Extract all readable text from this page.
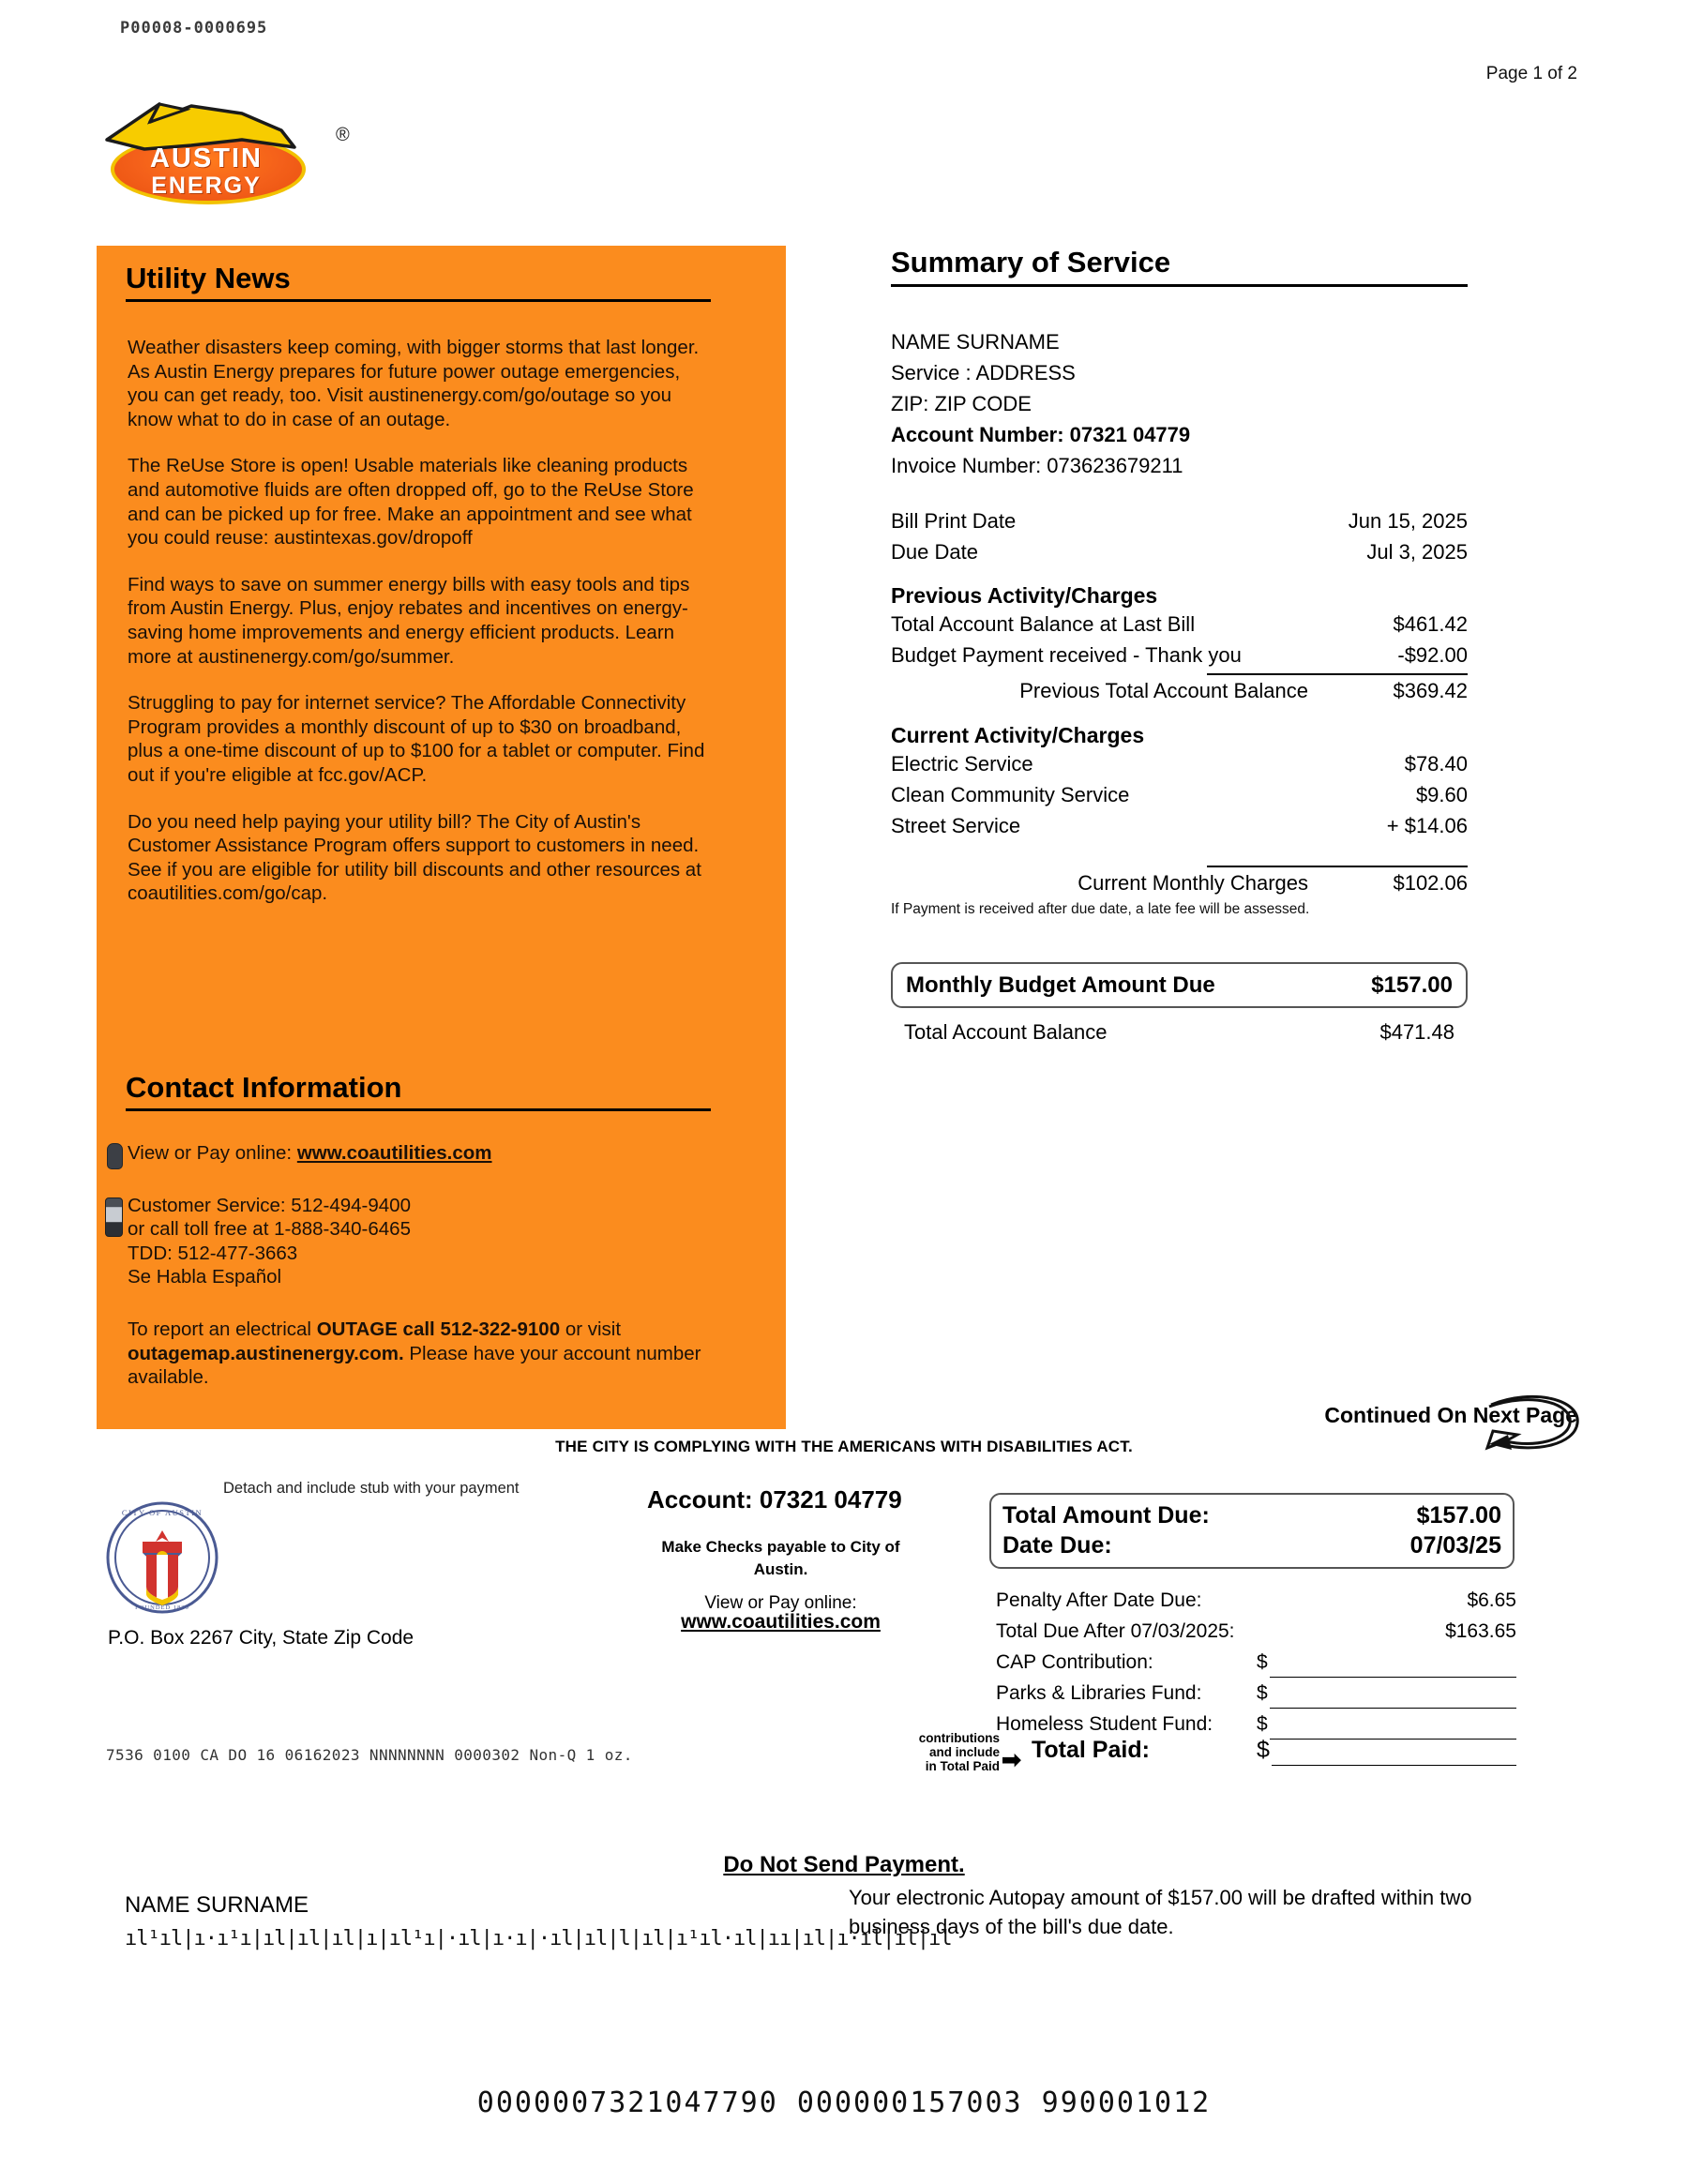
P00008-0000695
Page 1 of 2
AUSTIN
ENERGY
®
Utility News

Weather disasters keep coming, with bigger storms that last longer. As Austin Energy prepares for future power outage emergencies, you can get ready, too. Visit austinenergy.com/go/outage so you know what to do in case of an outage.

The ReUse Store is open! Usable materials like cleaning products and automotive fluids are often dropped off, go to the ReUse Store and can be picked up for free. Make an appointment and see what you could reuse: austintexas.gov/dropoff

Find ways to save on summer energy bills with easy tools and tips from Austin Energy. Plus, enjoy rebates and incentives on energy-saving home improvements and energy efficient products. Learn more at austinenergy.com/go/summer.

Struggling to pay for internet service? The Affordable Connectivity Program provides a monthly discount of up to $30 on broadband, plus a one-time discount of up to $100 for a tablet or computer. Find out if you're eligible at fcc.gov/ACP.

Do you need help paying your utility bill? The City of Austin's Customer Assistance Program offers support to customers in need. See if you are eligible for utility bill discounts and other resources at coautilities.com/go/cap.

Contact Information

View or Pay online: www.coautilities.com

Customer Service: 512-494-9400
or call toll free at 1-888-340-6465
TDD: 512-477-3663
Se Habla Español

To report an electrical OUTAGE call 512-322-9100 or visit outagemap.austinenergy.com. Please have your account number available.

Summary of Service
NAME SURNAME
Service : ADDRESS
ZIP: ZIP CODE
Account Number: 07321 04779
Invoice Number: 073623679211
Bill Print Date	Jun 15, 2025
Due Date	Jul 3, 2025
Previous Activity/Charges
Total Account Balance at Last Bill	$461.42
Budget Payment received - Thank you	-$92.00
Previous Total Account Balance	$369.42
Current Activity/Charges
Electric Service	$78.40
Clean Community Service	$9.60
Street Service	+ $14.06
Current Monthly Charges	$102.06
If Payment is received after due date, a late fee will be assessed.
Monthly Budget Amount Due	$157.00
Total Account Balance	$471.48
Continued On Next Page
THE CITY IS COMPLYING WITH THE AMERICANS WITH DISABILITIES ACT.
Detach and include stub with your payment
CITY OF AUSTIN
FOUNDED 1839
P.O. Box 2267 City, State Zip Code
7536 0100 CA DO 16 06162023 NNNNNNNN 0000302 Non-Q 1 oz.
Account: 07321 04779
Make Checks payable to City of Austin.
View or Pay online:
www.coautilities.com
Total Amount Due:	$157.00
Date Due:	07/03/25
Penalty After Date Due:	$6.65
Total Due After 07/03/2025:	$163.65
CAP Contribution:	$
Parks & Libraries Fund:	$
Homeless Student Fund:	$
contributions
and include
in Total Paid ➡ Total Paid:	$
Do Not Send Payment.
Your electronic Autopay amount of $157.00 will be drafted within two business days of the bill's due date.
NAME SURNAME
ıl¹ıl|ı·ı¹ı|ıl|ıl|ıl|ı|ıl¹ı|·ıl|ı·ı|·ıl|ıl|l|ıl|ı¹ıl·ıl|ıı|ıl|ı·ıl|ıl|ıl
0000007321047790 000000157003 990001012
